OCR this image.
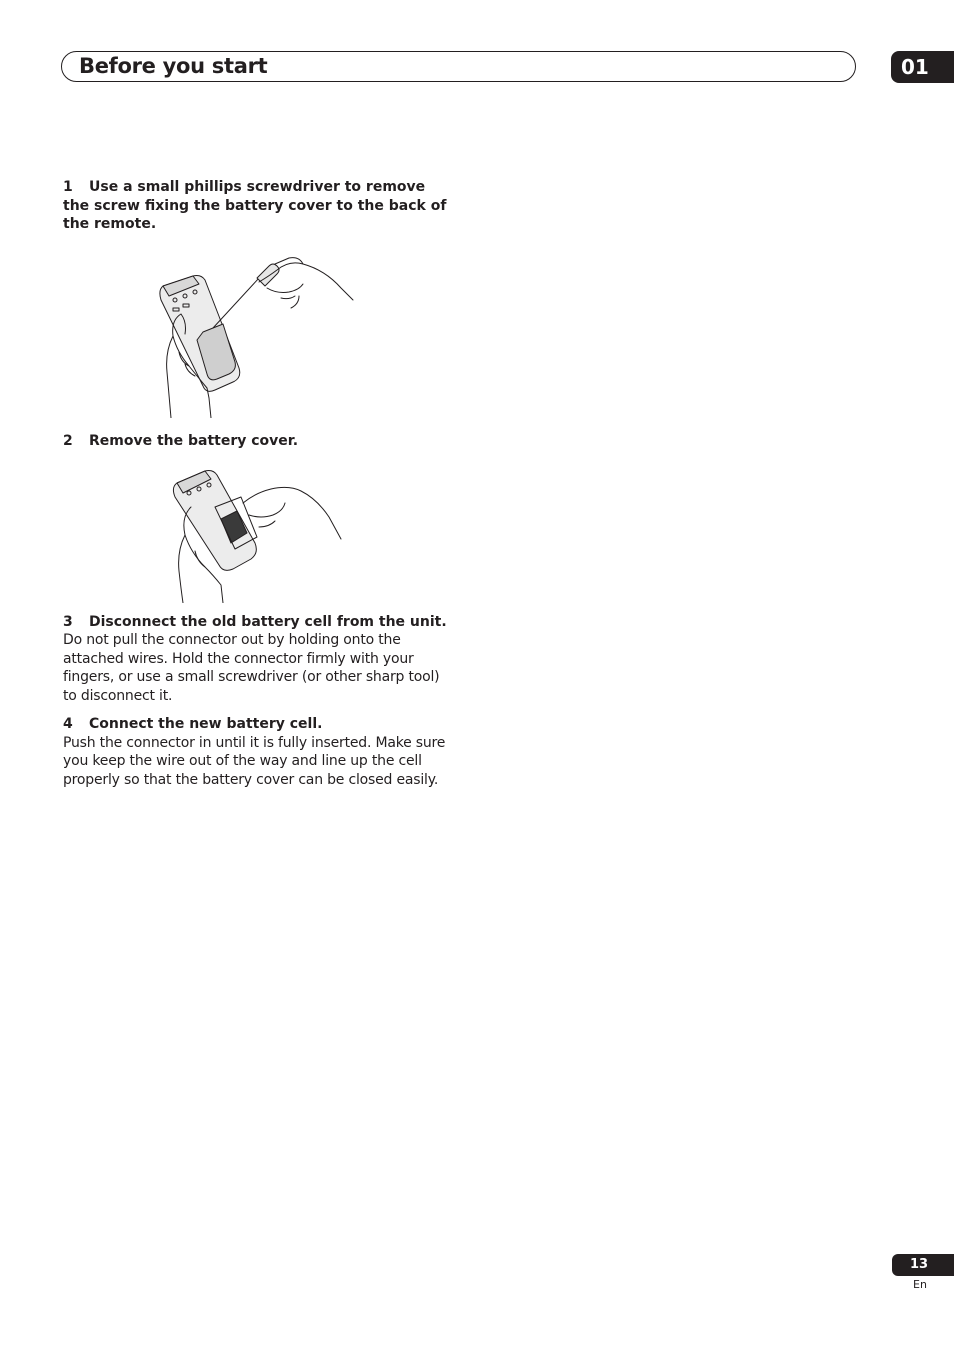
Before you start	01

1 Use a small phillips screwdriver to remove the screw fixing the battery cover to the back of the remote.

2 Remove the battery cover.

3 Disconnect the old battery cell from the unit.

Do not pull the connector out by holding onto the attached wires. Hold the connector firmly with your fingers, or use a small screwdriver (or other sharp tool) to disconnect it.

4 Connect the new battery cell.

Push the connector in until it is fully inserted. Make sure you keep the wire out of the way and line up the cell properly so that the battery cover can be closed easily.

13
En
